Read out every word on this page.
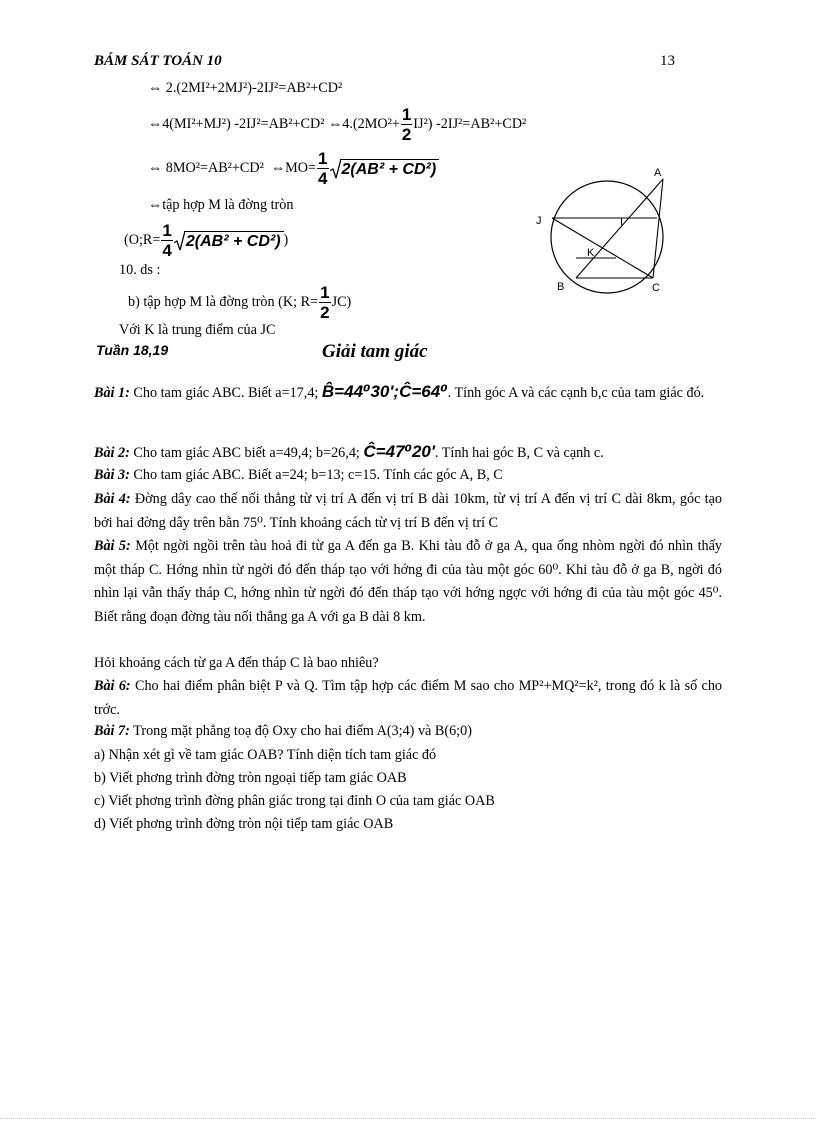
BÁM SÁT TOÁN 10	13
⇔ 2.(2MI²+2MJ²)-2IJ²=AB²+CD²
⇔4(MI²+MJ²) -2IJ²=AB²+CD² ⇔4.(2MO²+ $\frac{1}{2} IJ^2$) -2IJ²=AB²+CD²
⇔ 8MO²=AB²+CD² ⇔MO= $\frac{1}{4} 2(AB^2 + CD^2)$
⇔tập hợp M là đờng tròn
(O;R= $\frac{1}{4} 2(AB^2 + CD^2)$ )
10. ds :
b) tập hợp M là đờng tròn (K; $R= \frac{1}{2} JC$)
Với K là trung điểm của JC
A
J	I
K
B	C
Tuần 18,19	Giải tam giác
Bài 1: Cho tam giác ABC. Biết a=17,4; B̂=44⁰30';Ĉ=64⁰. Tính góc A và các cạnh b,c của tam giác đó.
Bài 2: Cho tam giác ABC biết a=49,4; b=26,4; Ĉ=47⁰20'. Tính hai góc B, C và cạnh c.
Bài 3: Cho tam giác ABC. Biết a=24; b=13; c=15. Tính các góc A, B, C
Bài 4: Đờng dây cao thế nối thẳng từ vị trí A đến vị trí B dài 10km, từ vị trí A đến vị trí C dài 8km, góc tạo bởi hai đờng dây trên bằn 75⁰. Tính khoảng cách từ vị trí B đến vị trí C
Bài 5: Một ngời ngồi trên tàu hoả đi từ ga A đến ga B. Khi tàu đỗ ở ga A, qua ống nhòm ngời đó nhìn thấy một tháp C. Hớng nhìn từ ngời đó đến tháp tạo với hớng đi của tàu một góc 60⁰. Khi tàu đỗ ở ga B, ngời đó nhìn lại vẫn thấy tháp C, hớng nhìn từ ngời đó đến tháp tạo với hớng ngợc với hớng đi của tàu một góc 45⁰. Biết rằng đoạn đờng tàu nối thẳng ga A với ga B dài 8 km.
Hỏi khoảng cách từ ga A đến tháp C là bao nhiêu?
Bài 6: Cho hai điểm phân biệt P và Q. Tìm tập hợp các điểm M sao cho MP²+MQ²=k², trong đó k là số cho trớc.
Bài 7: Trong mặt phẳng toạ độ Oxy cho hai điểm A(3;4) và B(6;0)
a) Nhận xét gì về tam giác OAB? Tính diện tích tam giác đó
b) Viết phơng trình đờng tròn ngoại tiếp tam giác OAB
c) Viết phơng trình đờng phân giác trong tại đỉnh O của tam giác OAB
d) Viết phơng trình đờng tròn nội tiếp tam giác OAB
